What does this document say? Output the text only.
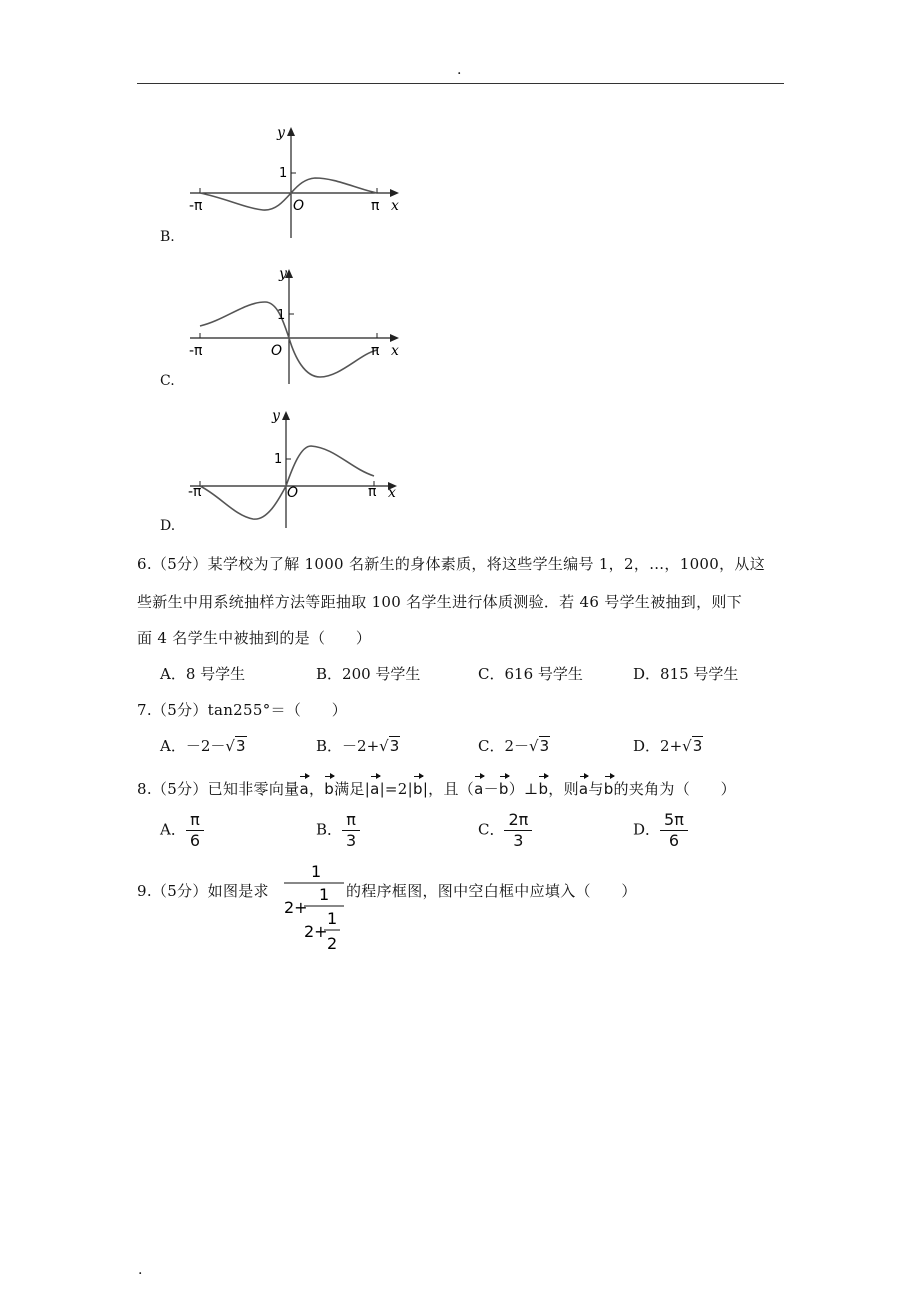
.
y
1
O
-π	π x
B.
y
1
O
-π	π x
C.
y
1
O
-π	π x
D.
6.（5分）某学校为了解 1000 名新生的身体素质，将这些学生编号 1，2，…，1000，从这
些新生中用系统抽样方法等距抽取 100 名学生进行体质测验．若 46 号学生被抽到，则下
面 4 名学生中被抽到的是（　　）
A．8 号学生	B．200 号学生	C．616 号学生	D．815 号学生
7.（5分）tan255°＝（　　）
A．－2－√3	B．－2+√3	C．2－√3	D．2+√3
8.（5分）已知非零向量a，b满足|a|=2|b|，且（a－b）⊥b，则a与b的夹角为（　　）
A． $\frac{\pi}{6}$	B． $\frac{\pi}{3}$	C． $\frac{2\pi}{3}$	D． $\frac{5\pi}{6}$
9.（5分）如图是求
1
2+
1
2+
1
2
的程序框图，图中空白框中应填入（　　）
.
